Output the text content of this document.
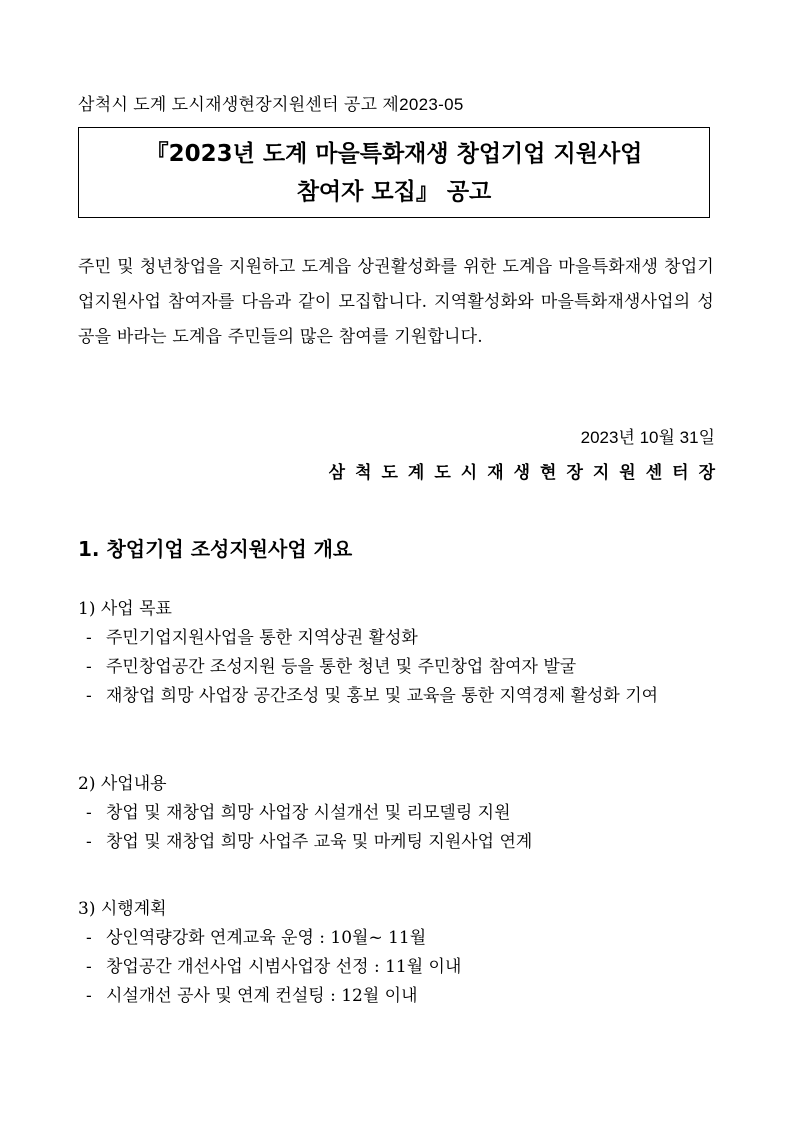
삼척시 도계 도시재생현장지원센터 공고 제2023-05
『2023년 도계 마을특화재생 창업기업 지원사업
참여자 모집』 공고
주민 및 청년창업을 지원하고 도계읍 상권활성화를 위한 도계읍 마을특화재생 창업기업지원사업 참여자를 다음과 같이 모집합니다. 지역활성화와 마을특화재생사업의 성공을 바라는 도계읍 주민들의 많은 참여를 기원합니다.
2023년 10월 31일
삼척도계도시재생현장지원센터장
1. 창업기업 조성지원사업 개요
1) 사업 목표
- 주민기업지원사업을 통한 지역상권 활성화
- 주민창업공간 조성지원 등을 통한 청년 및 주민창업 참여자 발굴
- 재창업 희망 사업장 공간조성 및 홍보 및 교육을 통한 지역경제 활성화 기여
2) 사업내용
- 창업 및 재창업 희망 사업장 시설개선 및 리모델링 지원
- 창업 및 재창업 희망 사업주 교육 및 마케팅 지원사업 연계
3) 시행계획
- 상인역량강화 연계교육 운영 : 10월~ 11월
- 창업공간 개선사업 시범사업장 선정 : 11월 이내
- 시설개선 공사 및 연계 컨설팅 : 12월 이내
